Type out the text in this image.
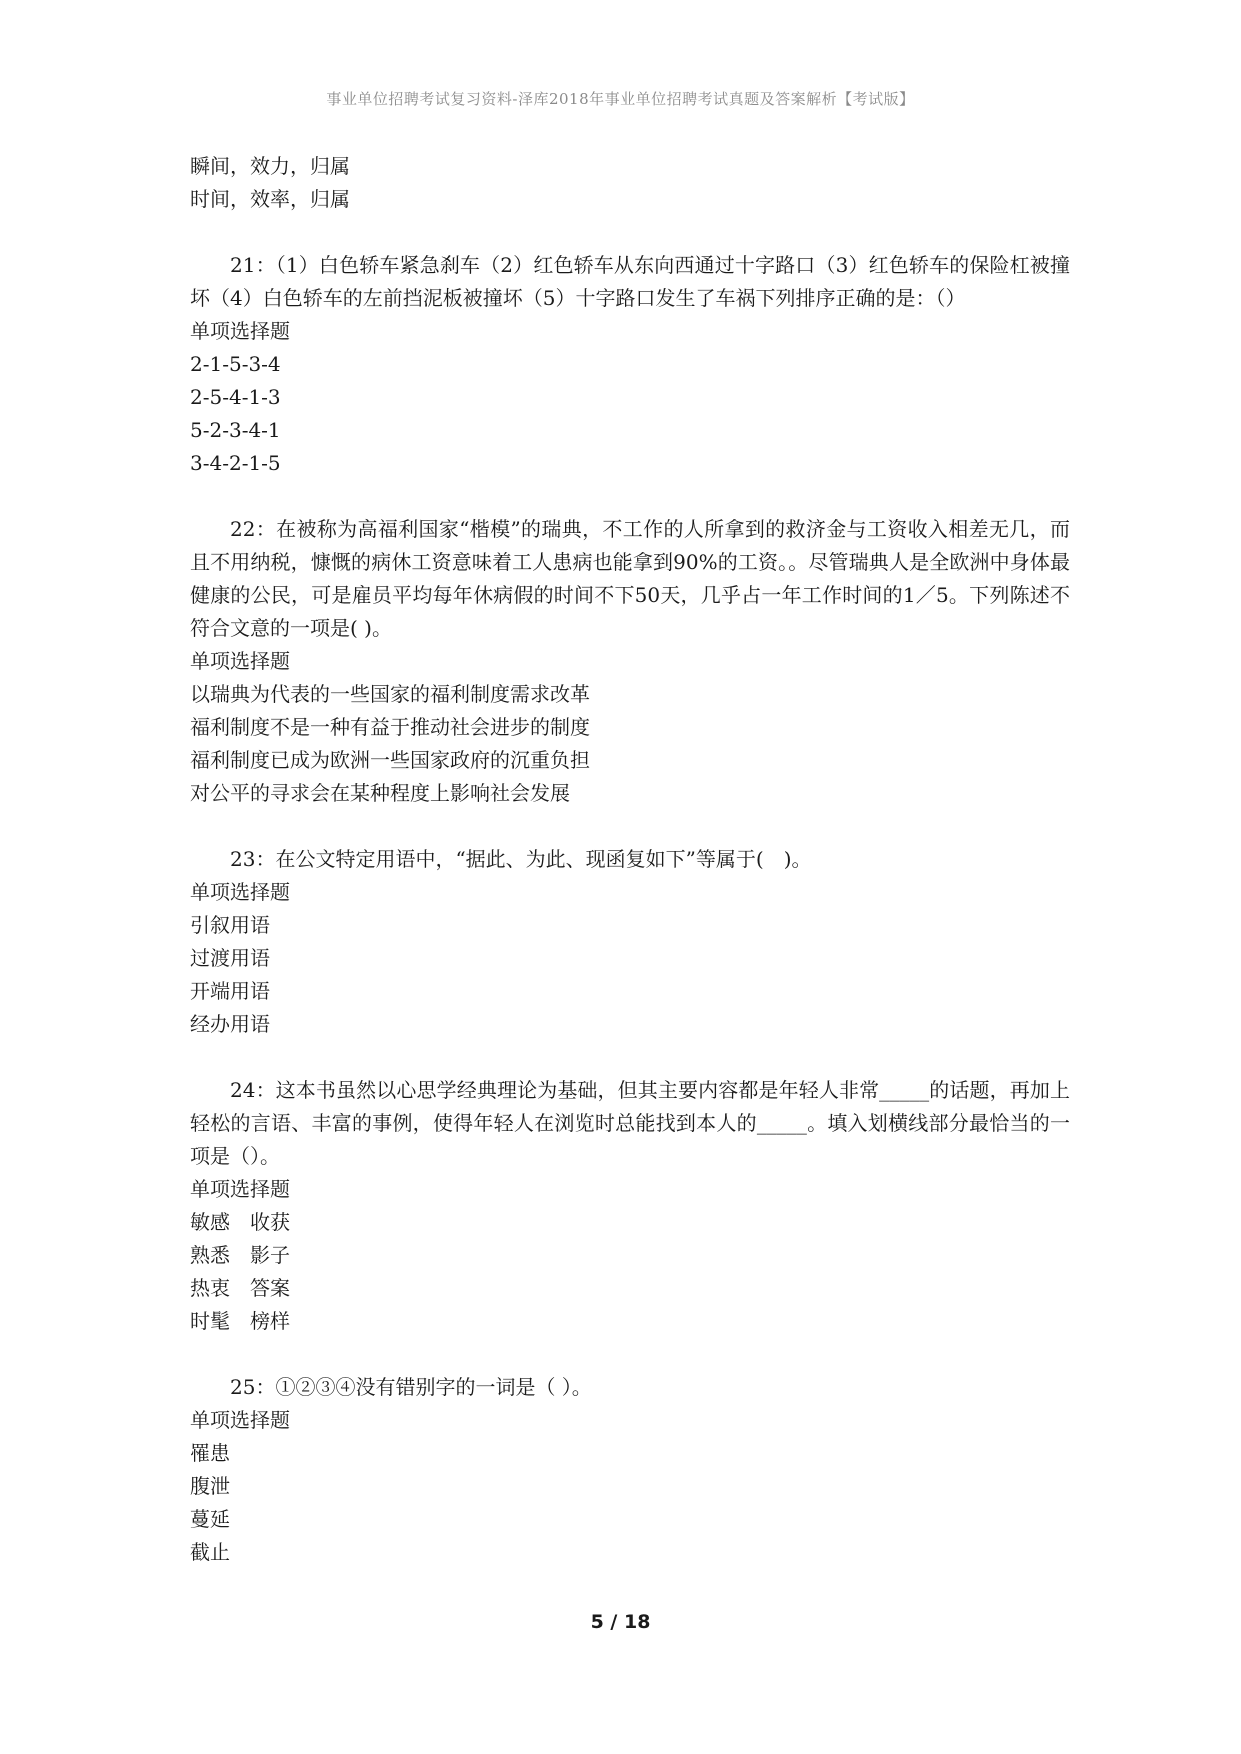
事业单位招聘考试复习资料-泽库2018年事业单位招聘考试真题及答案解析【考试版】
瞬间，效力，归属
时间，效率，归属
21：（1）白色轿车紧急刹车（2）红色轿车从东向西通过十字路口（3）红色轿车的保险杠被撞坏（4）白色轿车的左前挡泥板被撞坏（5）十字路口发生了车祸下列排序正确的是：（）
单项选择题
2-1-5-3-4
2-5-4-1-3
5-2-3-4-1
3-4-2-1-5
22：在被称为高福利国家“楷模”的瑞典，不工作的人所拿到的救济金与工资收入相差无几，而且不用纳税，慷慨的病休工资意味着工人患病也能拿到90%的工资。。尽管瑞典人是全欧洲中身体最健康的公民，可是雇员平均每年休病假的时间不下50天，几乎占一年工作时间的1／5。下列陈述不符合文意的一项是( )。
单项选择题
以瑞典为代表的一些国家的福利制度需求改革
福利制度不是一种有益于推动社会进步的制度
福利制度已成为欧洲一些国家政府的沉重负担
对公平的寻求会在某种程度上影响社会发展
23：在公文特定用语中，“据此、为此、现函复如下”等属于(　)。
单项选择题
引叙用语
过渡用语
开端用语
经办用语
24：这本书虽然以心思学经典理论为基础，但其主要内容都是年轻人非常_____的话题，再加上轻松的言语、丰富的事例，使得年轻人在浏览时总能找到本人的_____。填入划横线部分最恰当的一项是（）。
单项选择题
敏感　收获
熟悉　影子
热衷　答案
时髦　榜样
25：①②③④没有错别字的一词是（ ）。
单项选择题
罹患
腹泄
蔓延
截止
5 / 18
